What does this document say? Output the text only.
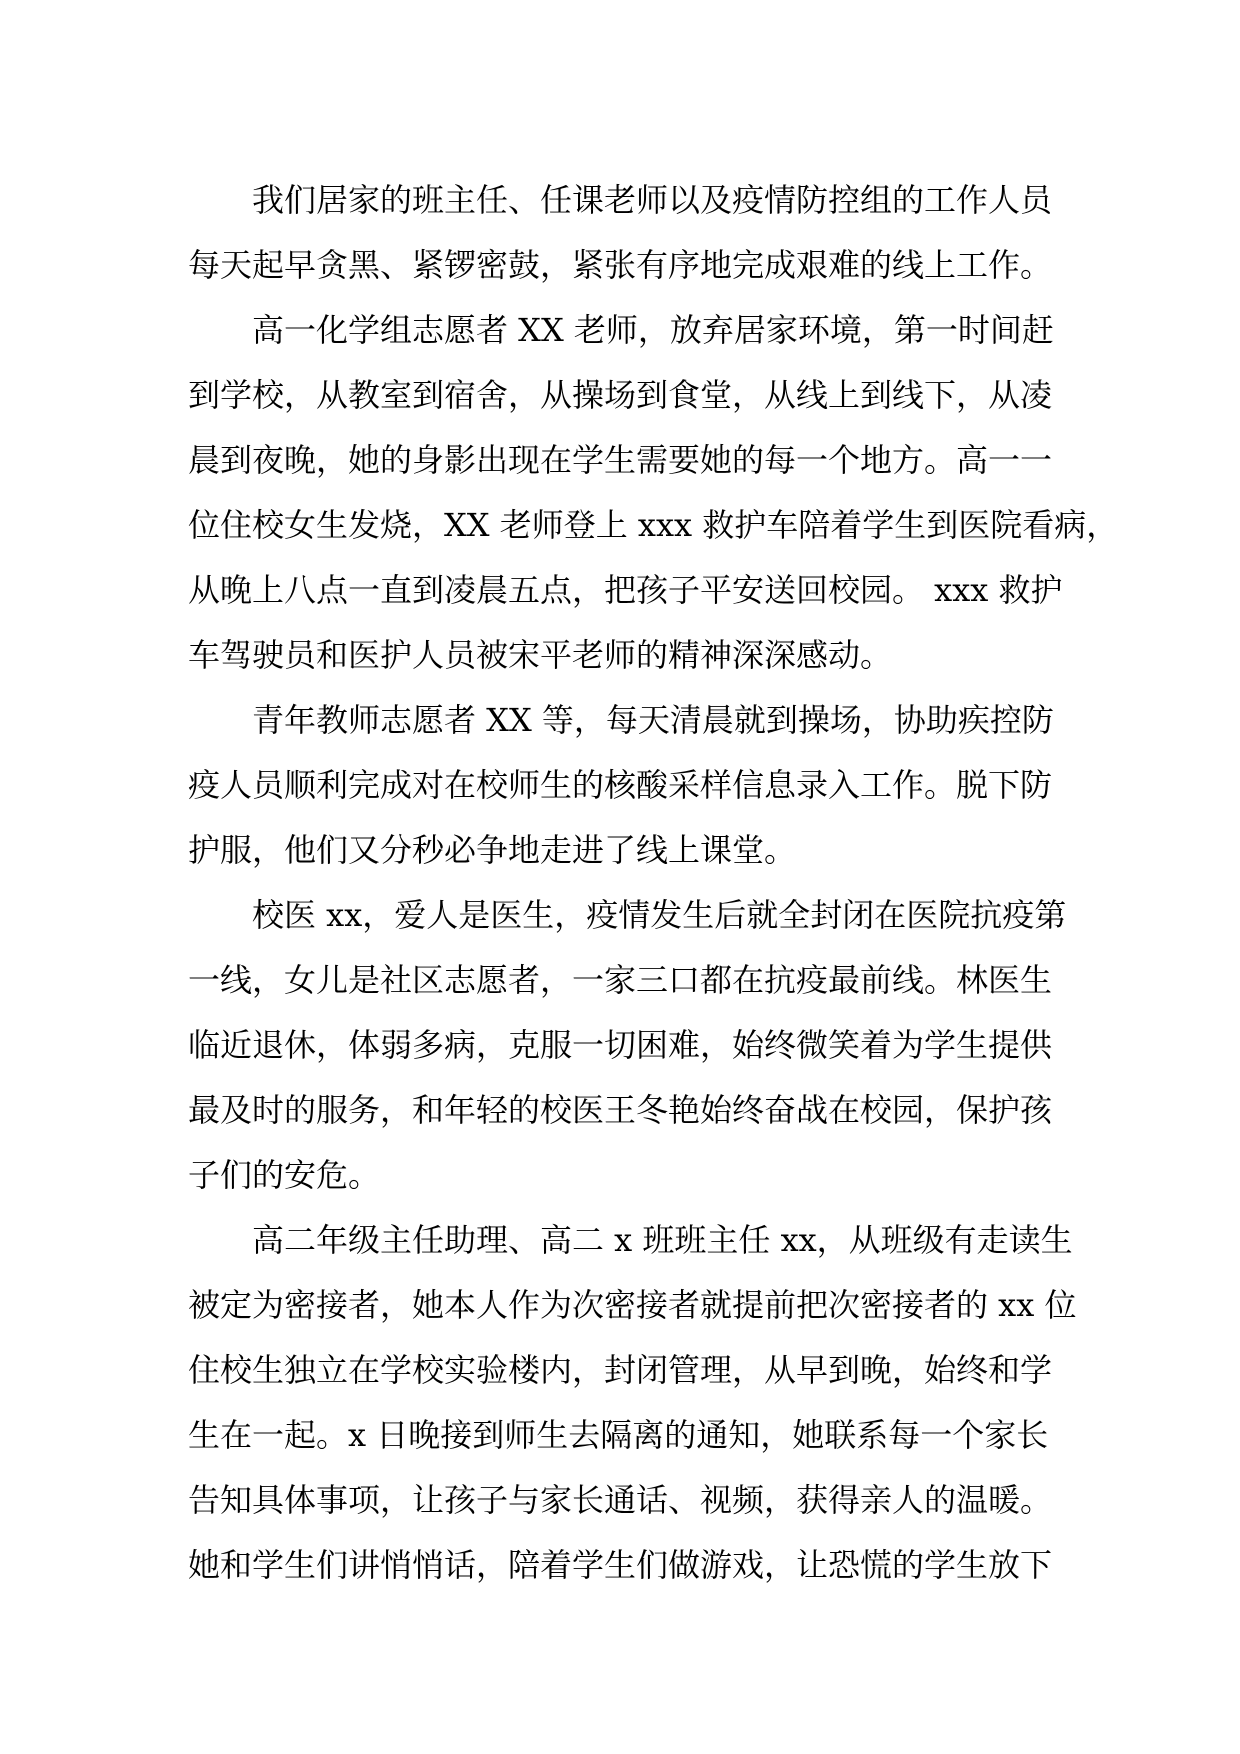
我们居家的班主任、任课老师以及疫情防控组的工作人员
每天起早贪黑、紧锣密鼓，紧张有序地完成艰难的线上工作。
高一化学组志愿者 XX 老师，放弃居家环境，第一时间赶
到学校，从教室到宿舍，从操场到食堂，从线上到线下，从凌
晨到夜晚，她的身影出现在学生需要她的每一个地方。高一一
位住校女生发烧，XX 老师登上 xxx 救护车陪着学生到医院看病，
从晚上八点一直到凌晨五点，把孩子平安送回校园。 xxx 救护
车驾驶员和医护人员被宋平老师的精神深深感动。
青年教师志愿者 XX 等，每天清晨就到操场，协助疾控防
疫人员顺利完成对在校师生的核酸采样信息录入工作。脱下防
护服，他们又分秒必争地走进了线上课堂。
校医 xx，爱人是医生，疫情发生后就全封闭在医院抗疫第
一线，女儿是社区志愿者，一家三口都在抗疫最前线。林医生
临近退休，体弱多病，克服一切困难，始终微笑着为学生提供
最及时的服务，和年轻的校医王冬艳始终奋战在校园，保护孩
子们的安危。
高二年级主任助理、高二 x 班班主任 xx，从班级有走读生
被定为密接者，她本人作为次密接者就提前把次密接者的 xx 位
住校生独立在学校实验楼内，封闭管理，从早到晚，始终和学
生在一起。x 日晚接到师生去隔离的通知，她联系每一个家长
告知具体事项，让孩子与家长通话、视频，获得亲人的温暖。
她和学生们讲悄悄话，陪着学生们做游戏，让恐慌的学生放下
